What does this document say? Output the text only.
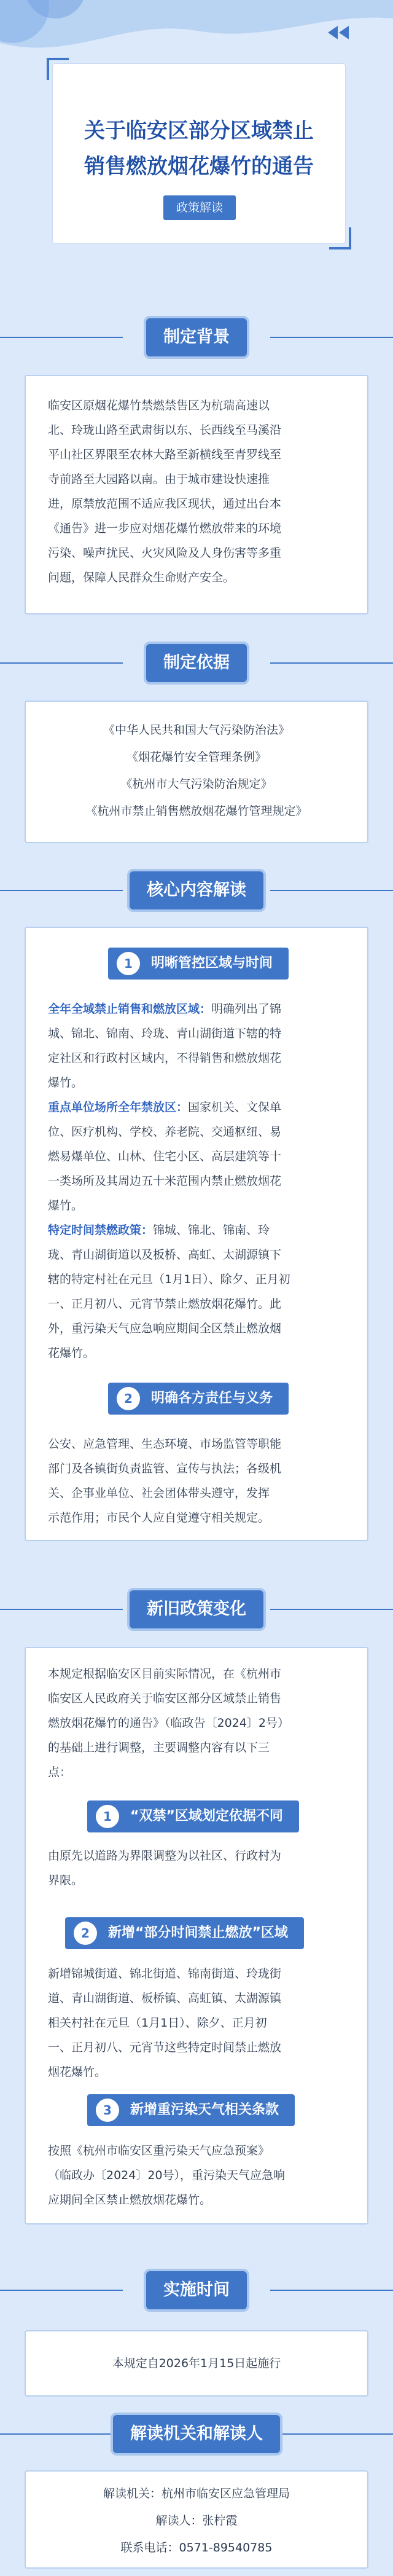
关于临安区部分区域禁止
销售燃放烟花爆竹的通告
政策解读
制定背景
临安区原烟花爆竹禁燃禁售区为杭瑞高速以
北、玲珑山路至武肃街以东、长西线至马溪沿
平山社区界限至农林大路至新横线至青罗线至
寺前路至大园路以南。由于城市建设快速推
进，原禁放范围不适应我区现状，通过出台本
《通告》进一步应对烟花爆竹燃放带来的环境
污染、噪声扰民、火灾风险及人身伤害等多重
问题，保障人民群众生命财产安全。
制定依据
《中华人民共和国大气污染防治法》
《烟花爆竹安全管理条例》
《杭州市大气污染防治规定》
《杭州市禁止销售燃放烟花爆竹管理规定》
核心内容解读
1	明晰管控区域与时间
全年全域禁止销售和燃放区域：明确列出了锦
城、锦北、锦南、玲珑、青山湖街道下辖的特
定社区和行政村区域内，不得销售和燃放烟花
爆竹。
重点单位场所全年禁放区：国家机关、文保单
位、医疗机构、学校、养老院、交通枢纽、易
燃易爆单位、山林、住宅小区、高层建筑等十
一类场所及其周边五十米范围内禁止燃放烟花
爆竹。
特定时间禁燃政策：锦城、锦北、锦南、玲
珑、青山湖街道以及板桥、高虹、太湖源镇下
辖的特定村社在元旦（1月1日）、除夕、正月初
一、正月初八、元宵节禁止燃放烟花爆竹。此
外，重污染天气应急响应期间全区禁止燃放烟
花爆竹。
2	明确各方责任与义务
公安、应急管理、生态环境、市场监管等职能
部门及各镇街负责监管、宣传与执法；各级机
关、企事业单位、社会团体带头遵守，发挥
示范作用；市民个人应自觉遵守相关规定。
新旧政策变化
本规定根据临安区目前实际情况，在《杭州市
临安区人民政府关于临安区部分区域禁止销售
燃放烟花爆竹的通告》（临政告〔2024〕2号）
的基础上进行调整，主要调整内容有以下三
点：
1	“双禁”区域划定依据不同
由原先以道路为界限调整为以社区、行政村为
界限。
2	新增“部分时间禁止燃放”区域
新增锦城街道、锦北街道、锦南街道、玲珑街
道、青山湖街道、板桥镇、高虹镇、太湖源镇
相关村社在元旦（1月1日）、除夕、正月初
一、正月初八、元宵节这些特定时间禁止燃放
烟花爆竹。
3	新增重污染天气相关条款
按照《杭州市临安区重污染天气应急预案》
（临政办〔2024〕20号），重污染天气应急响
应期间全区禁止燃放烟花爆竹。
实施时间
本规定自2026年1月15日起施行
解读机关和解读人
解读机关：杭州市临安区应急管理局
解读人：张柠霞
联系电话：0571-89540785
